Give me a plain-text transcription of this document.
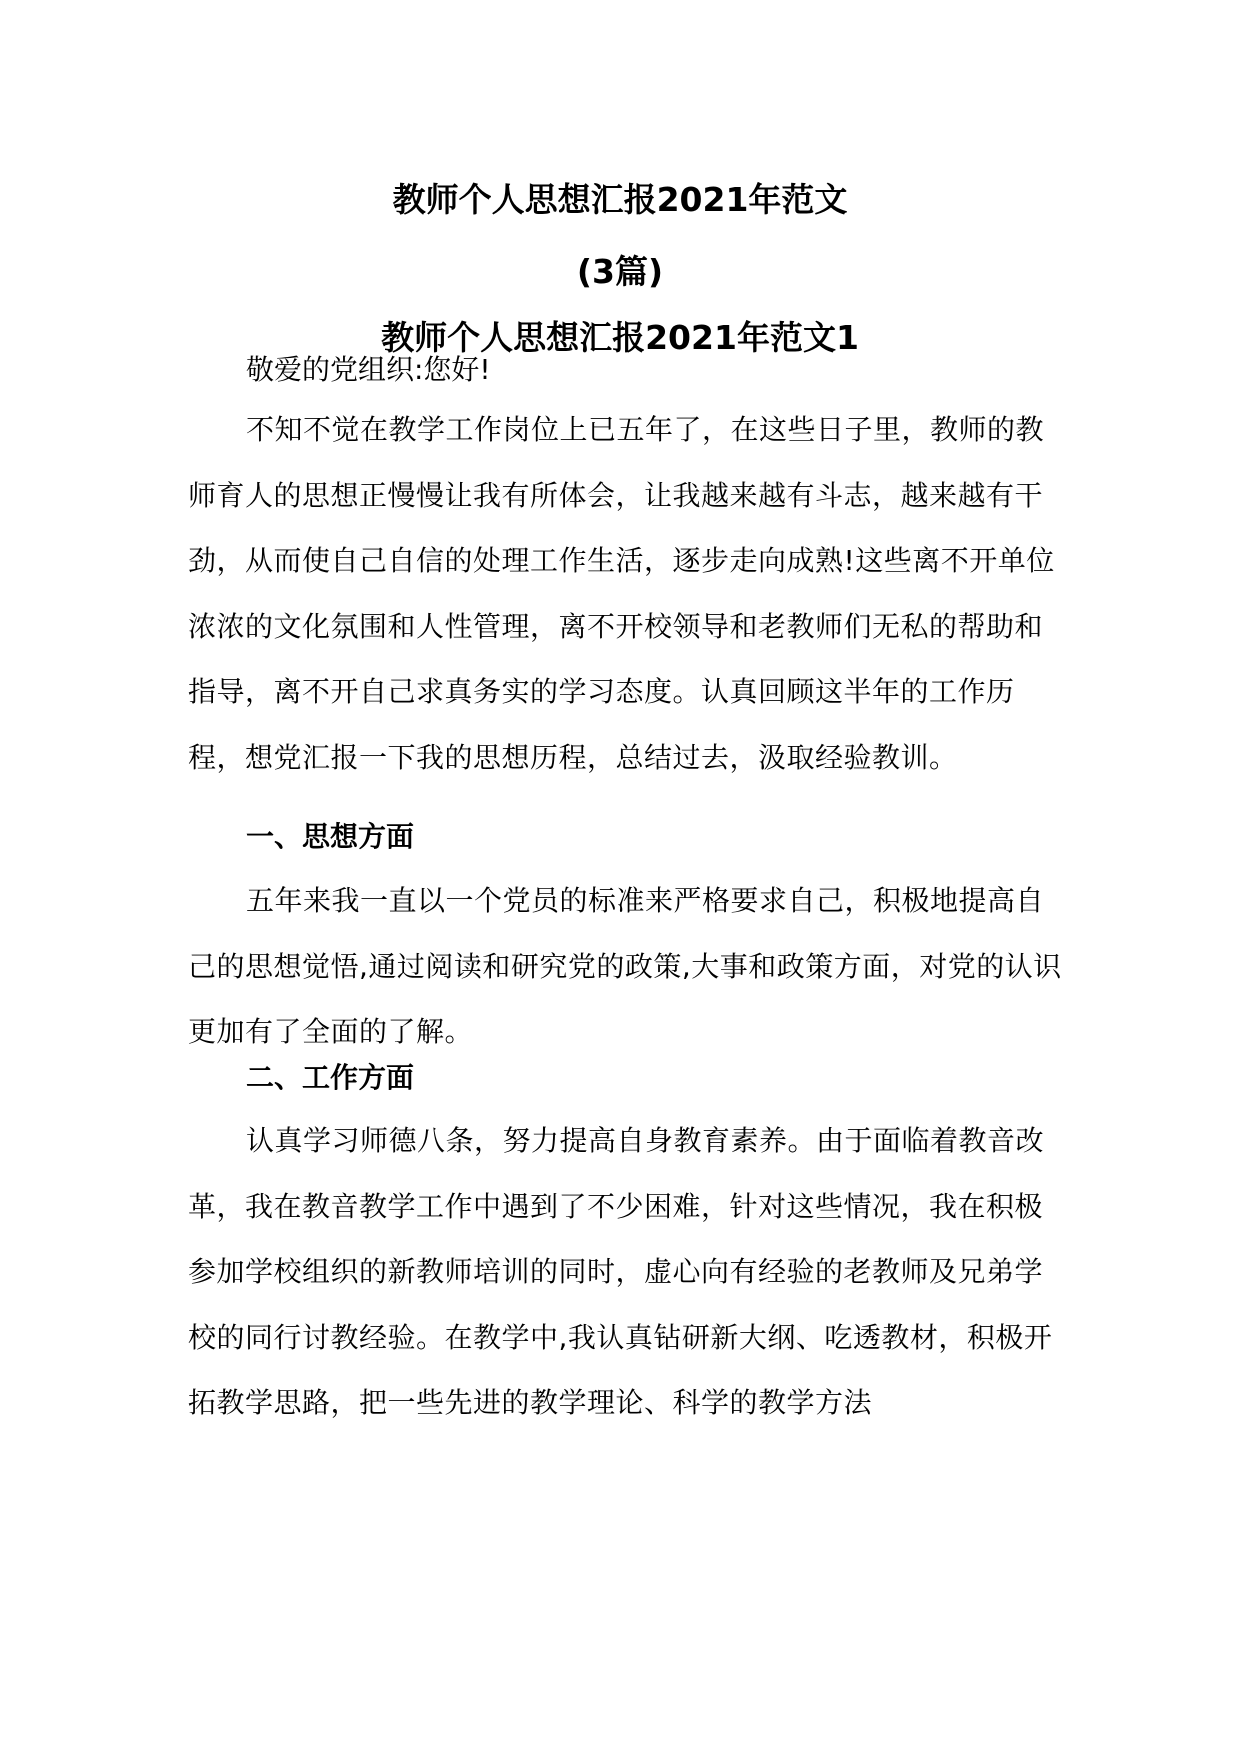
教师个人思想汇报2021年范文
(3篇)
教师个人思想汇报2021年范文1
敬爱的党组织:您好!

不知不觉在教学工作岗位上已五年了，在这些日子里，教师的教师育人的思想正慢慢让我有所体会，让我越来越有斗志，越来越有干劲，从而使自己自信的处理工作生活，逐步走向成熟!这些离不开单位浓浓的文化氛围和人性管理，离不开校领导和老教师们无私的帮助和指导，离不开自己求真务实的学习态度。认真回顾这半年的工作历程，想党汇报一下我的思想历程，总结过去，汲取经验教训。

一、思想方面

五年来我一直以一个党员的标准来严格要求自己，积极地提高自己的思想觉悟,通过阅读和研究党的政策,大事和政策方面，对党的认识更加有了全面的了解。

二、工作方面

认真学习师德八条，努力提高自身教育素养。由于面临着教音改革，我在教音教学工作中遇到了不少困难，针对这些情况，我在积极参加学校组织的新教师培训的同时，虚心向有经验的老教师及兄弟学校的同行讨教经验。在教学中,我认真钻研新大纲、吃透教材，积极开拓教学思路，把一些先进的教学理论、科学的教学方法
